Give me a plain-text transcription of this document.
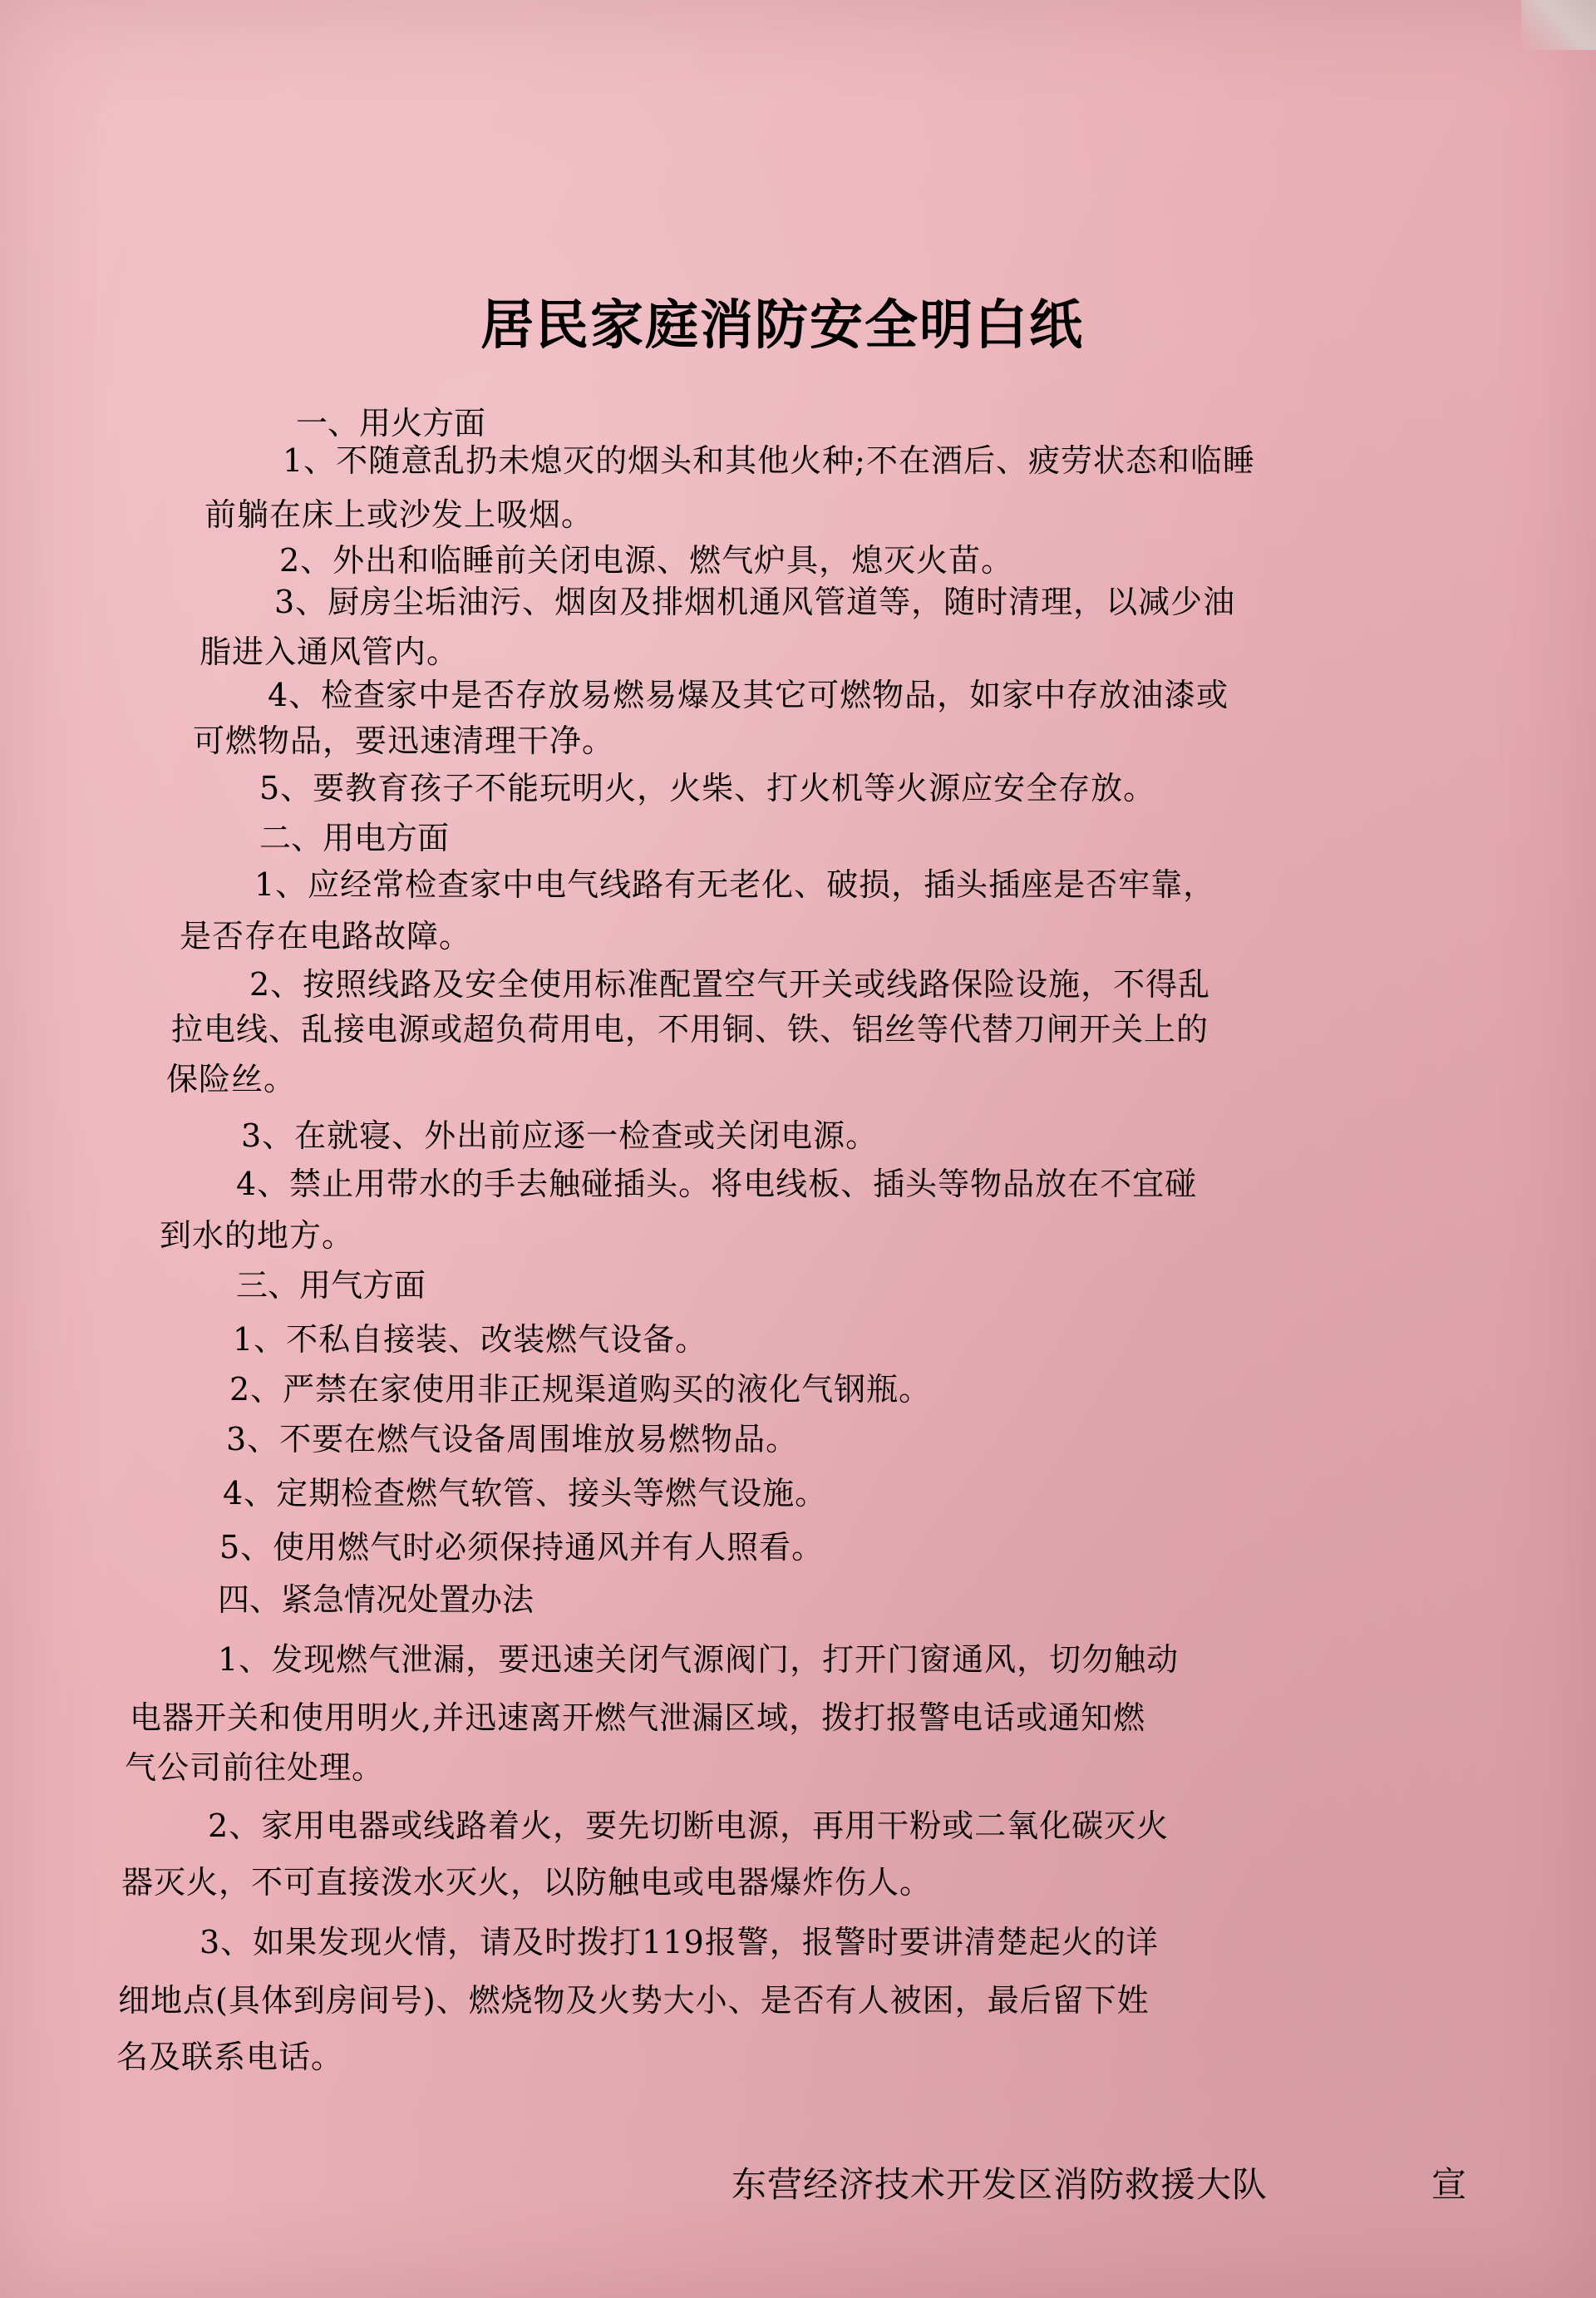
居民家庭消防安全明白纸
一、用火方面
1、不随意乱扔未熄灭的烟头和其他火种;不在酒后、疲劳状态和临睡
前躺在床上或沙发上吸烟。
2、外出和临睡前关闭电源、燃气炉具，熄灭火苗。
3、厨房尘垢油污、烟囱及排烟机通风管道等，随时清理，以减少油
脂进入通风管内。
4、检查家中是否存放易燃易爆及其它可燃物品，如家中存放油漆或
可燃物品，要迅速清理干净。
5、要教育孩子不能玩明火，火柴、打火机等火源应安全存放。
二、用电方面
1、应经常检查家中电气线路有无老化、破损，插头插座是否牢靠，
是否存在电路故障。
2、按照线路及安全使用标准配置空气开关或线路保险设施，不得乱
拉电线、乱接电源或超负荷用电，不用铜、铁、铝丝等代替刀闸开关上的
保险丝。
3、在就寝、外出前应逐一检查或关闭电源。
4、禁止用带水的手去触碰插头。将电线板、插头等物品放在不宜碰
到水的地方。
三、用气方面
1、不私自接装、改装燃气设备。
2、严禁在家使用非正规渠道购买的液化气钢瓶。
3、不要在燃气设备周围堆放易燃物品。
4、定期检查燃气软管、接头等燃气设施。
5、使用燃气时必须保持通风并有人照看。
四、紧急情况处置办法
1、发现燃气泄漏，要迅速关闭气源阀门，打开门窗通风，切勿触动
电器开关和使用明火,并迅速离开燃气泄漏区域，拨打报警电话或通知燃
气公司前往处理。
2、家用电器或线路着火，要先切断电源，再用干粉或二氧化碳灭火
器灭火，不可直接泼水灭火，以防触电或电器爆炸伤人。
3、如果发现火情，请及时拨打119报警，报警时要讲清楚起火的详
细地点(具体到房间号)、燃烧物及火势大小、是否有人被困，最后留下姓
名及联系电话。
东营经济技术开发区消防救援大队	宣
